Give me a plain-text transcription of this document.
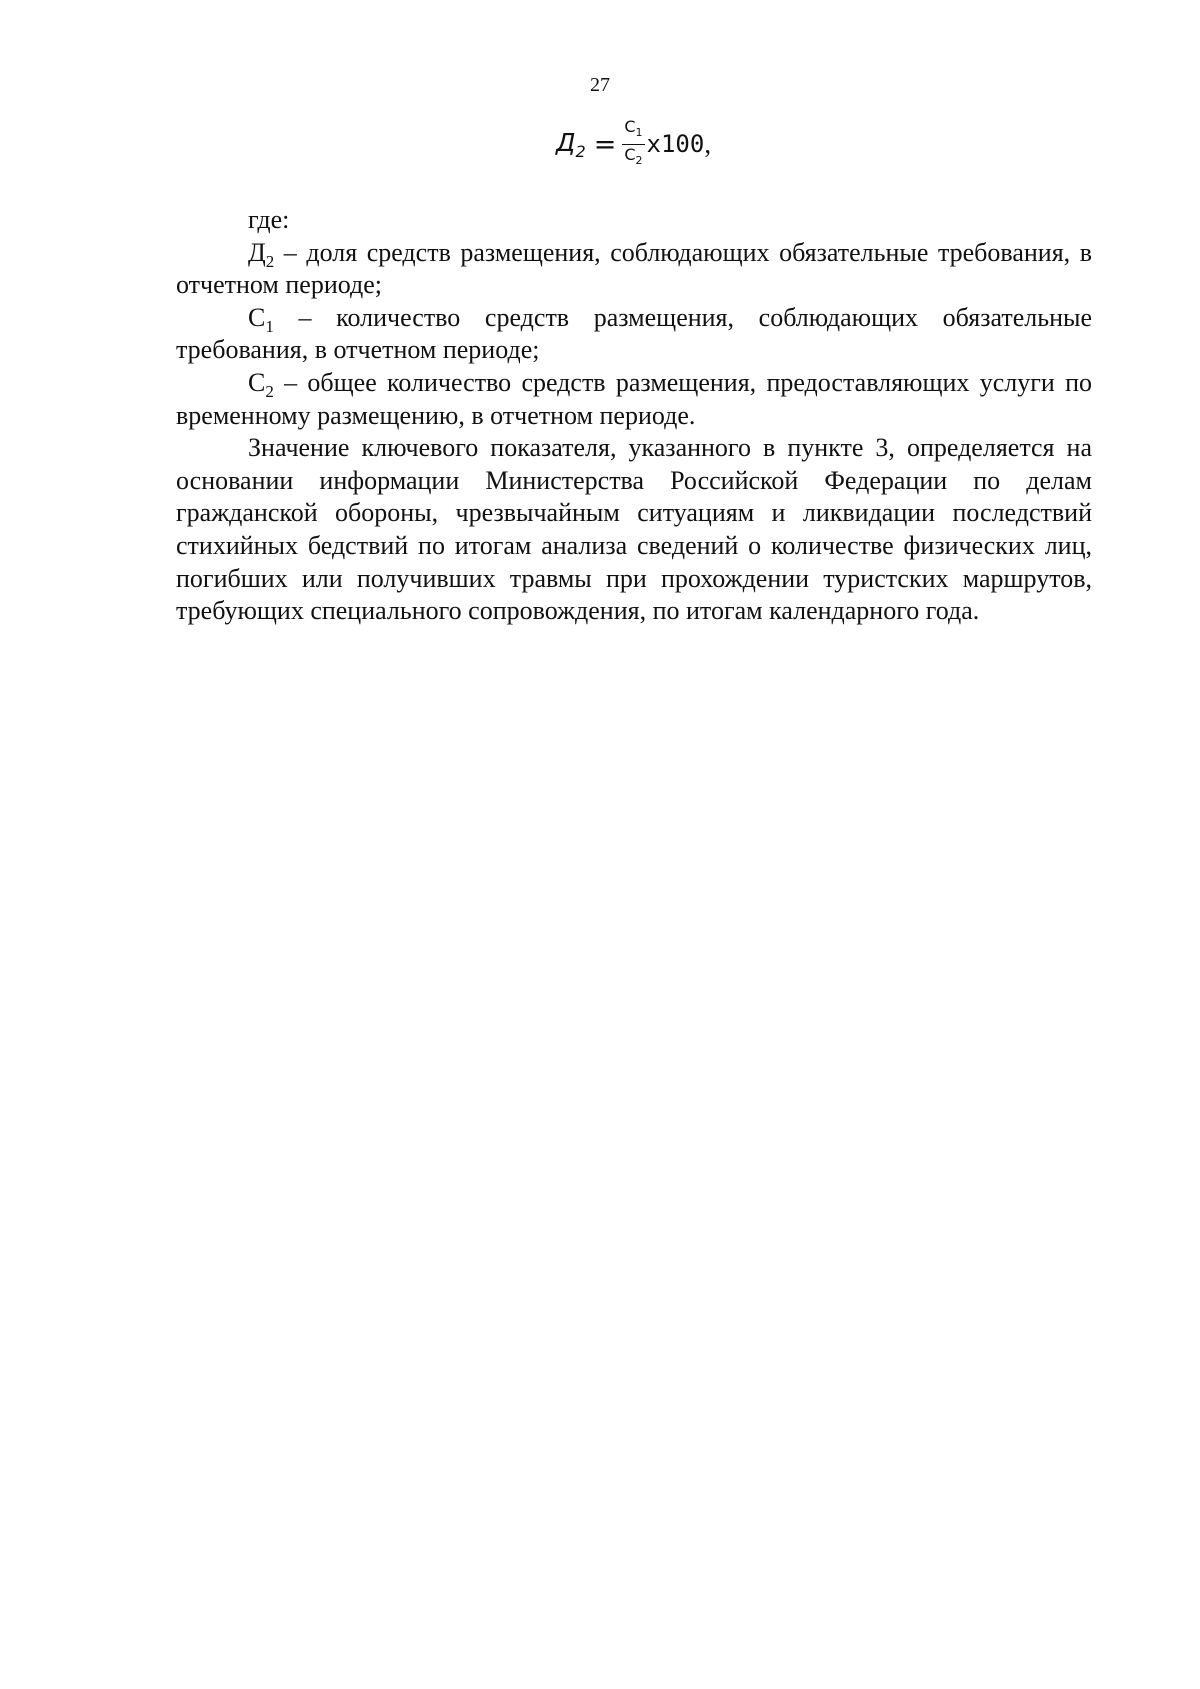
27
$Д_2 = \frac{С_1}{С_2} х100$ ,

где:

$Д_2$ – доля средств размещения, соблюдающих обязательные требования, в отчетном периоде;

$С_1$ – количество средств размещения, соблюдающих обязательные требования, в отчетном периоде;

$С_2$ – общее количество средств размещения, предоставляющих услуги по временному размещению, в отчетном периоде.

Значение ключевого показателя, указанного в пункте 3, определяется на основании информации Министерства Российской Федерации по делам гражданской обороны, чрезвычайным ситуациям и ликвидации последствий стихийных бедствий по итогам анализа сведений о количестве физических лиц, погибших или получивших травмы при прохождении туристских маршрутов, требующих специального сопровождения, по итогам календарного года.
